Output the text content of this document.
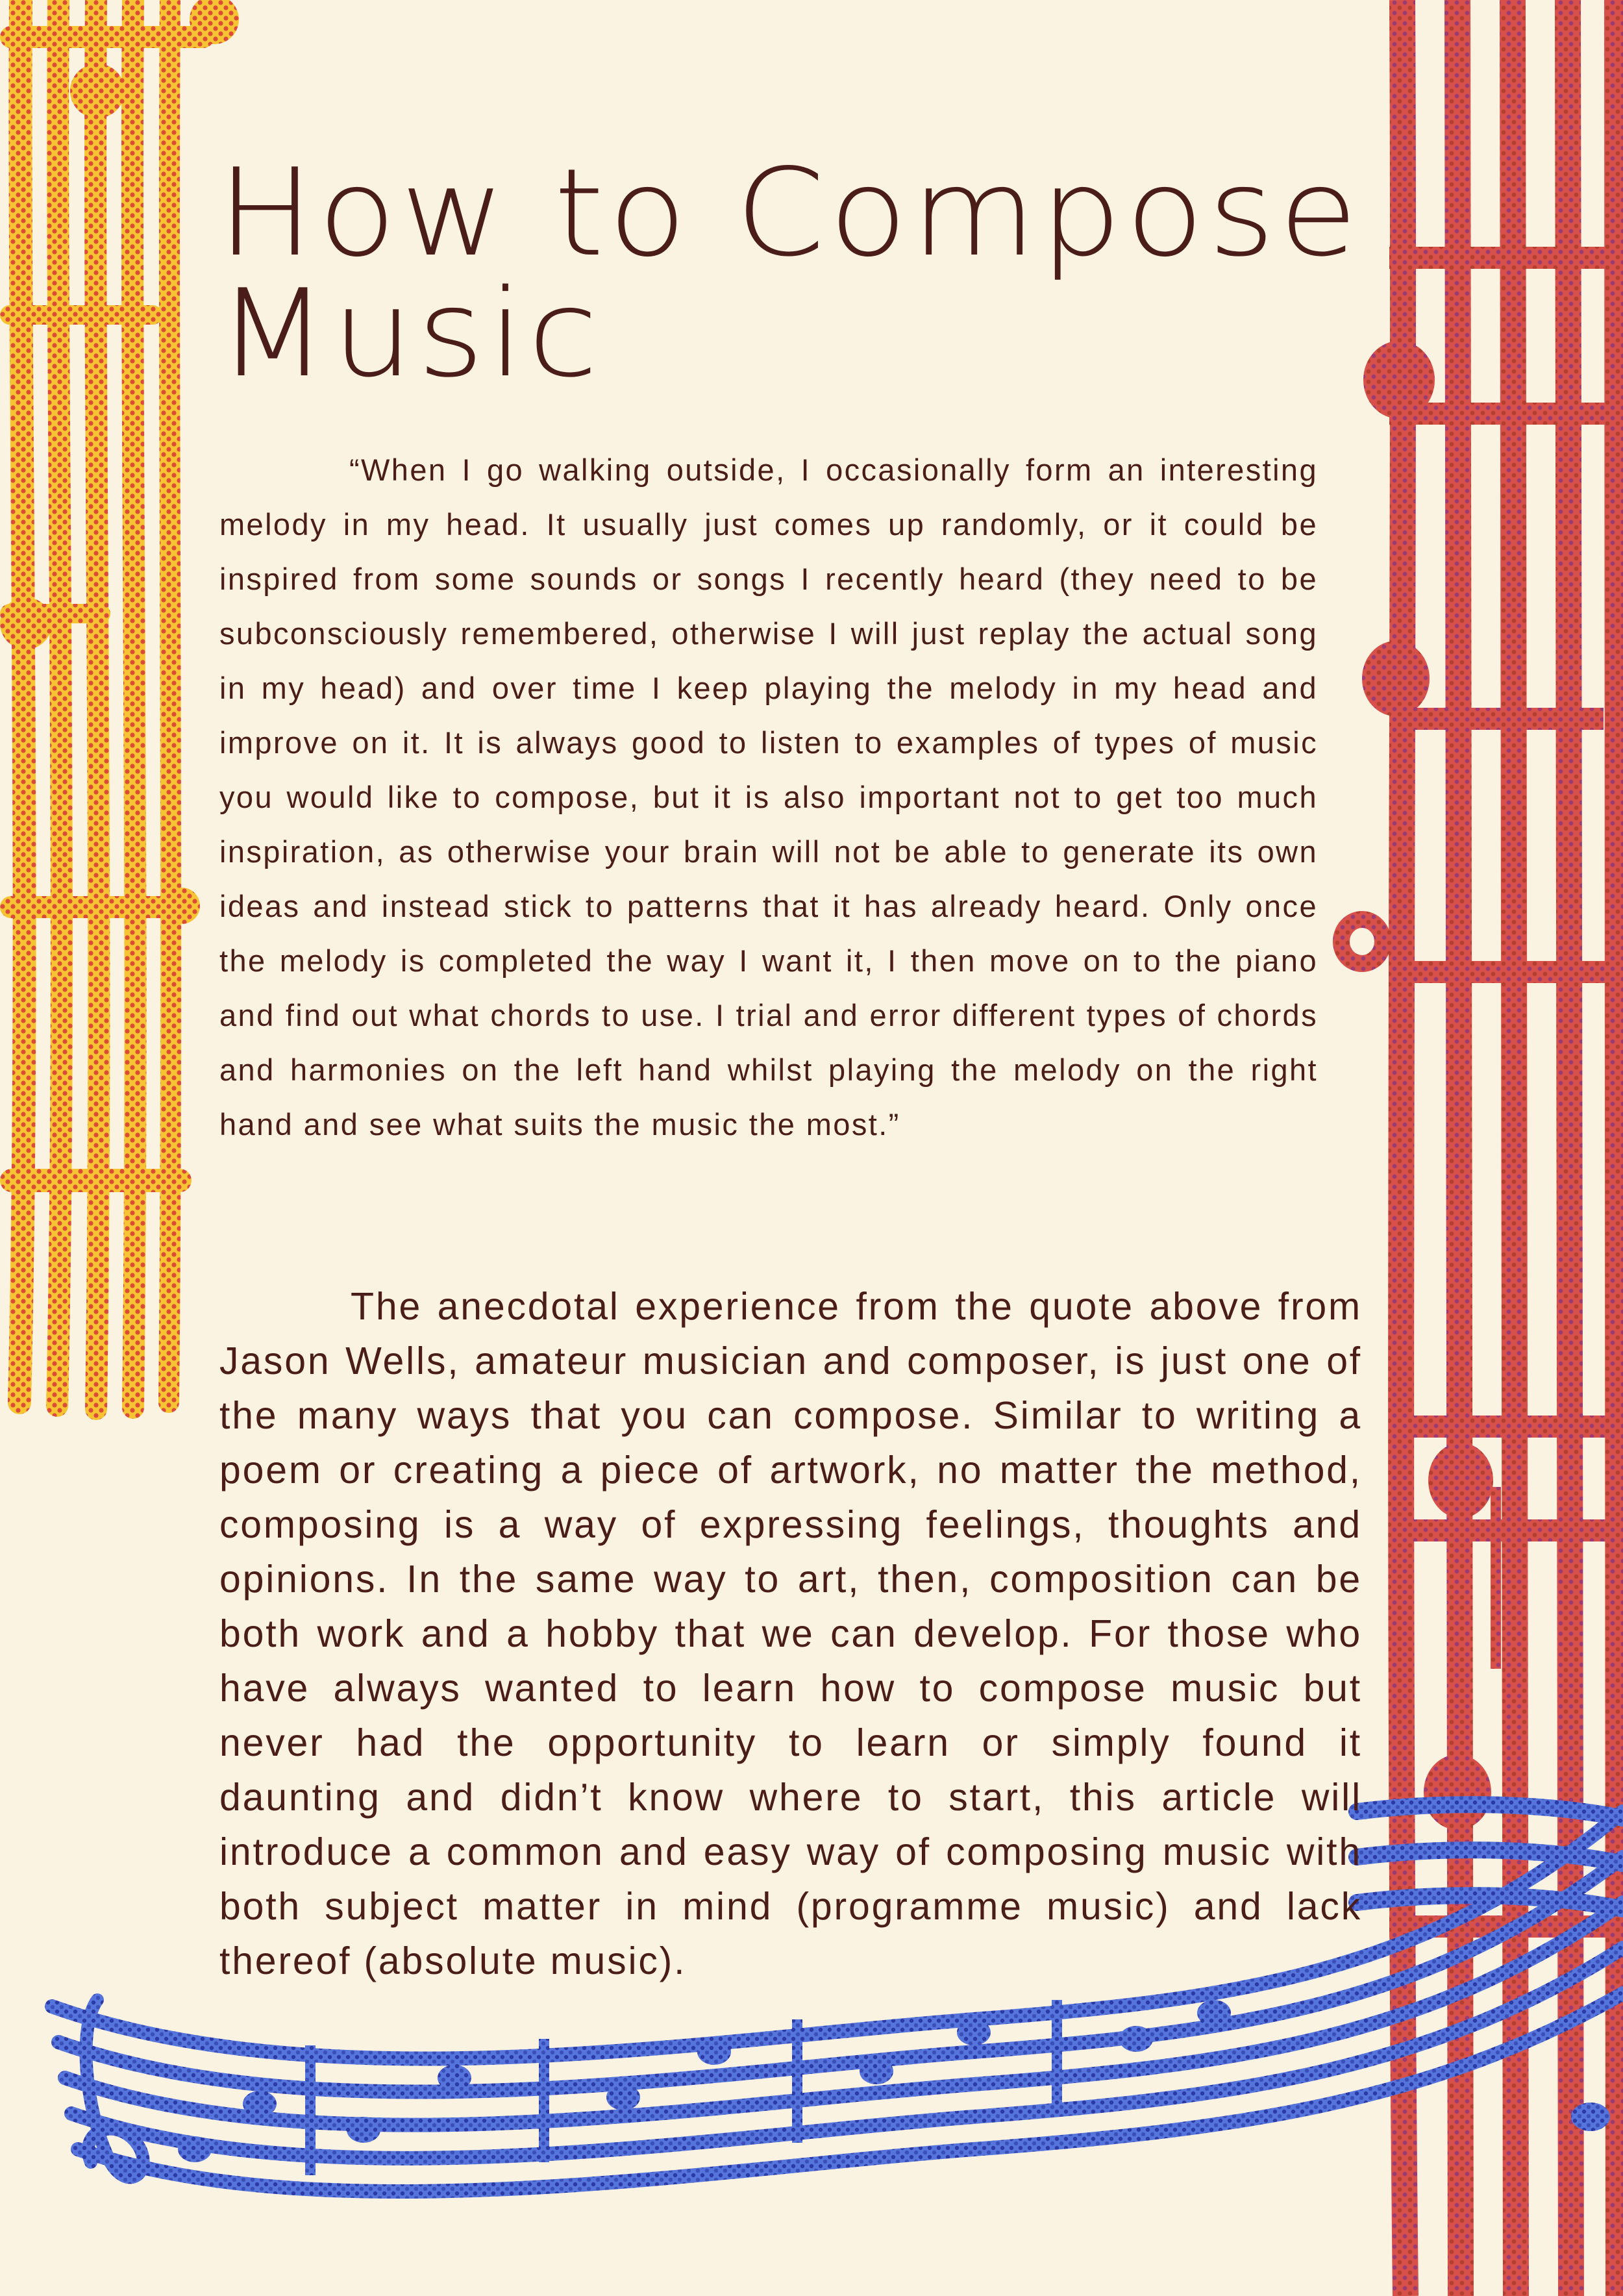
How to Compose
Music

“When I go walking outside, I occasionally form an interesting melody in my head. It usually just comes up randomly, or it could be inspired from some sounds or songs I recently heard (they need to be subconsciously remembered, otherwise I will just replay the actual song in my head) and over time I keep playing the melody in my head and improve on it. It is always good to listen to examples of types of music you would like to compose, but it is also important not to get too much inspiration, as otherwise your brain will not be able to generate its own ideas and instead stick to patterns that it has already heard. Only once the melody is completed the way I want it, I then move on to the piano and find out what chords to use. I trial and error different types of chords and harmonies on the left hand whilst playing the melody on the right hand and see what suits the music the most.”

The anecdotal experience from the quote above from Jason Wells, amateur musician and composer, is just one of the many ways that you can compose. Similar to writing a poem or creating a piece of artwork, no matter the method, composing is a way of expressing feelings, thoughts and opinions. In the same way to art, then, composition can be both work and a hobby that we can develop. For those who have always wanted to learn how to compose music but never had the opportunity to learn or simply found it daunting and didn’t know where to start, this article will introduce a common and easy way of composing music with both subject matter in mind (programme music) and lack thereof (absolute music).
